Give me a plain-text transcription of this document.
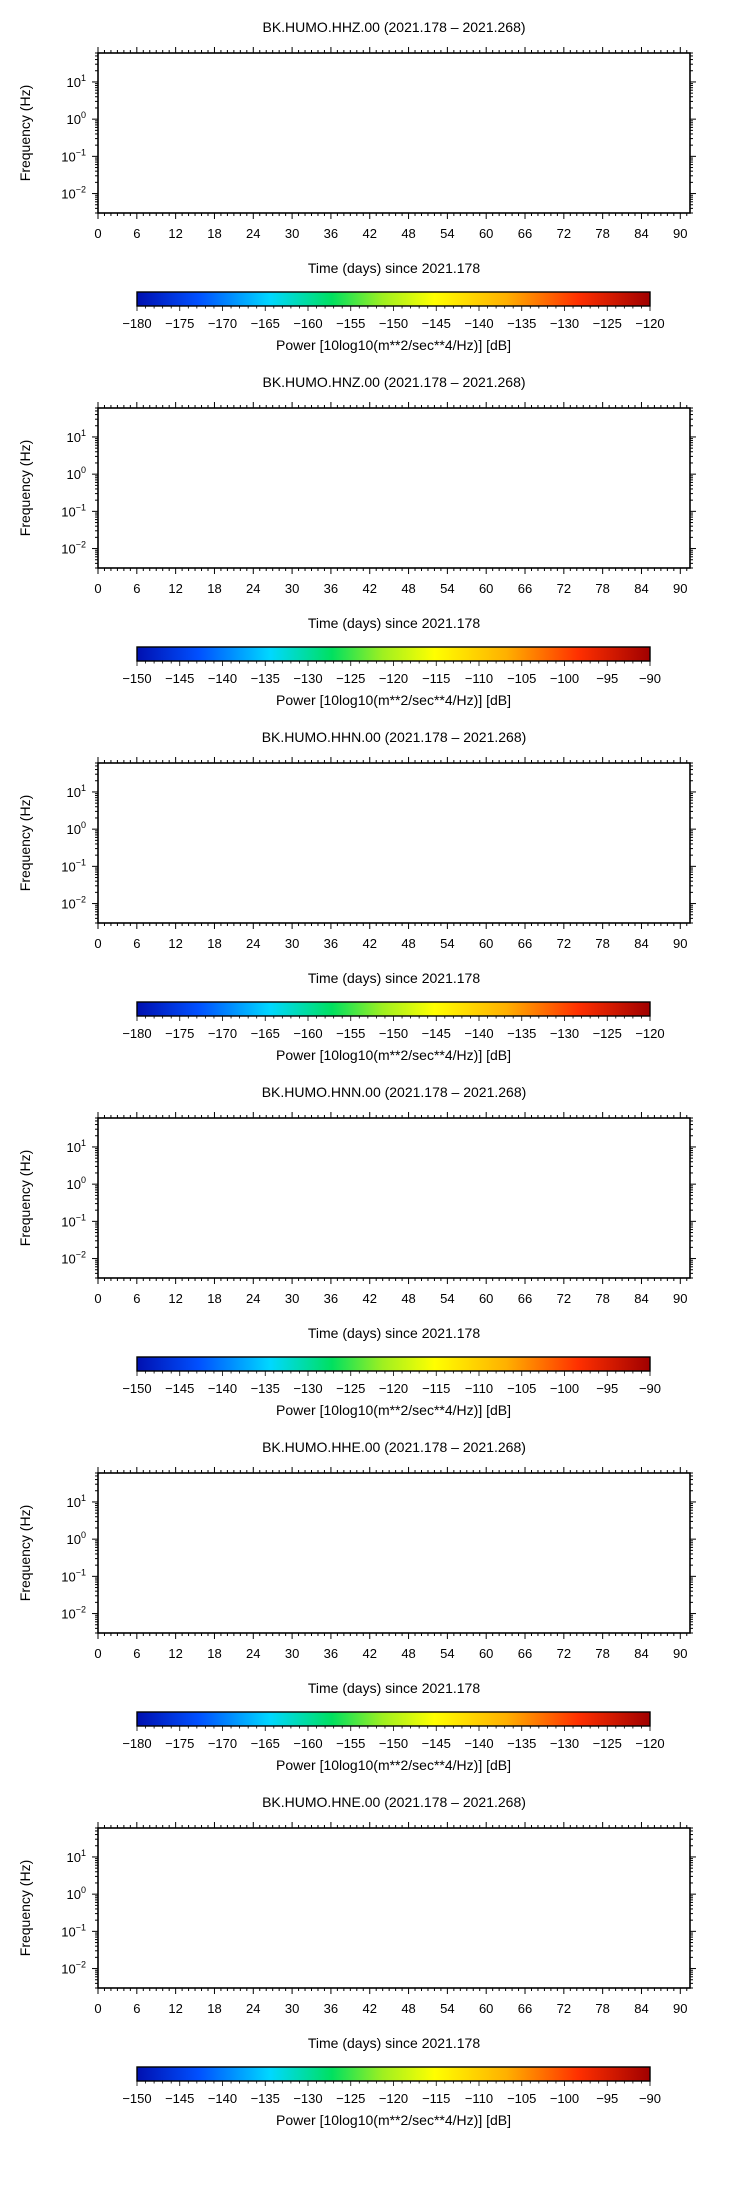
BK.HUMO.HHZ.00 (2021.178 – 2021.268)
0 6 12 18 24 30 36 42 48 54 60 66 72 78 84 90
$10^1$
$10^0$
$10^{-1}$
$10^{-2}$
Time (days) since 2021.178
Frequency (Hz)
−180 −175 −170 −165 −160 −155 −150 −145 −140 −135 −130 −125 −120
Power [10log10(m**2/sec**4/Hz)] [dB]
BK.HUMO.HNZ.00 (2021.178 – 2021.268)
0 6 12 18 24 30 36 42 48 54 60 66 72 78 84 90
$10^1$
$10^0$
$10^{-1}$
$10^{-2}$
Time (days) since 2021.178
Frequency (Hz)
−150 −145 −140 −135 −130 −125 −120 −115 −110 −105 −100 −95 −90
Power [10log10(m**2/sec**4/Hz)] [dB]
BK.HUMO.HHN.00 (2021.178 – 2021.268)
0 6 12 18 24 30 36 42 48 54 60 66 72 78 84 90
$10^1$
$10^0$
$10^{-1}$
$10^{-2}$
Time (days) since 2021.178
Frequency (Hz)
−180 −175 −170 −165 −160 −155 −150 −145 −140 −135 −130 −125 −120
Power [10log10(m**2/sec**4/Hz)] [dB]
BK.HUMO.HNN.00 (2021.178 – 2021.268)
0 6 12 18 24 30 36 42 48 54 60 66 72 78 84 90
$10^1$
$10^0$
$10^{-1}$
$10^{-2}$
Time (days) since 2021.178
Frequency (Hz)
−150 −145 −140 −135 −130 −125 −120 −115 −110 −105 −100 −95 −90
Power [10log10(m**2/sec**4/Hz)] [dB]
BK.HUMO.HHE.00 (2021.178 – 2021.268)
0 6 12 18 24 30 36 42 48 54 60 66 72 78 84 90
$10^1$
$10^0$
$10^{-1}$
$10^{-2}$
Time (days) since 2021.178
Frequency (Hz)
−180 −175 −170 −165 −160 −155 −150 −145 −140 −135 −130 −125 −120
Power [10log10(m**2/sec**4/Hz)] [dB]
BK.HUMO.HNE.00 (2021.178 – 2021.268)
0 6 12 18 24 30 36 42 48 54 60 66 72 78 84 90
$10^1$
$10^0$
$10^{-1}$
$10^{-2}$
Time (days) since 2021.178
Frequency (Hz)
−150 −145 −140 −135 −130 −125 −120 −115 −110 −105 −100 −95 −90
Power [10log10(m**2/sec**4/Hz)] [dB]
